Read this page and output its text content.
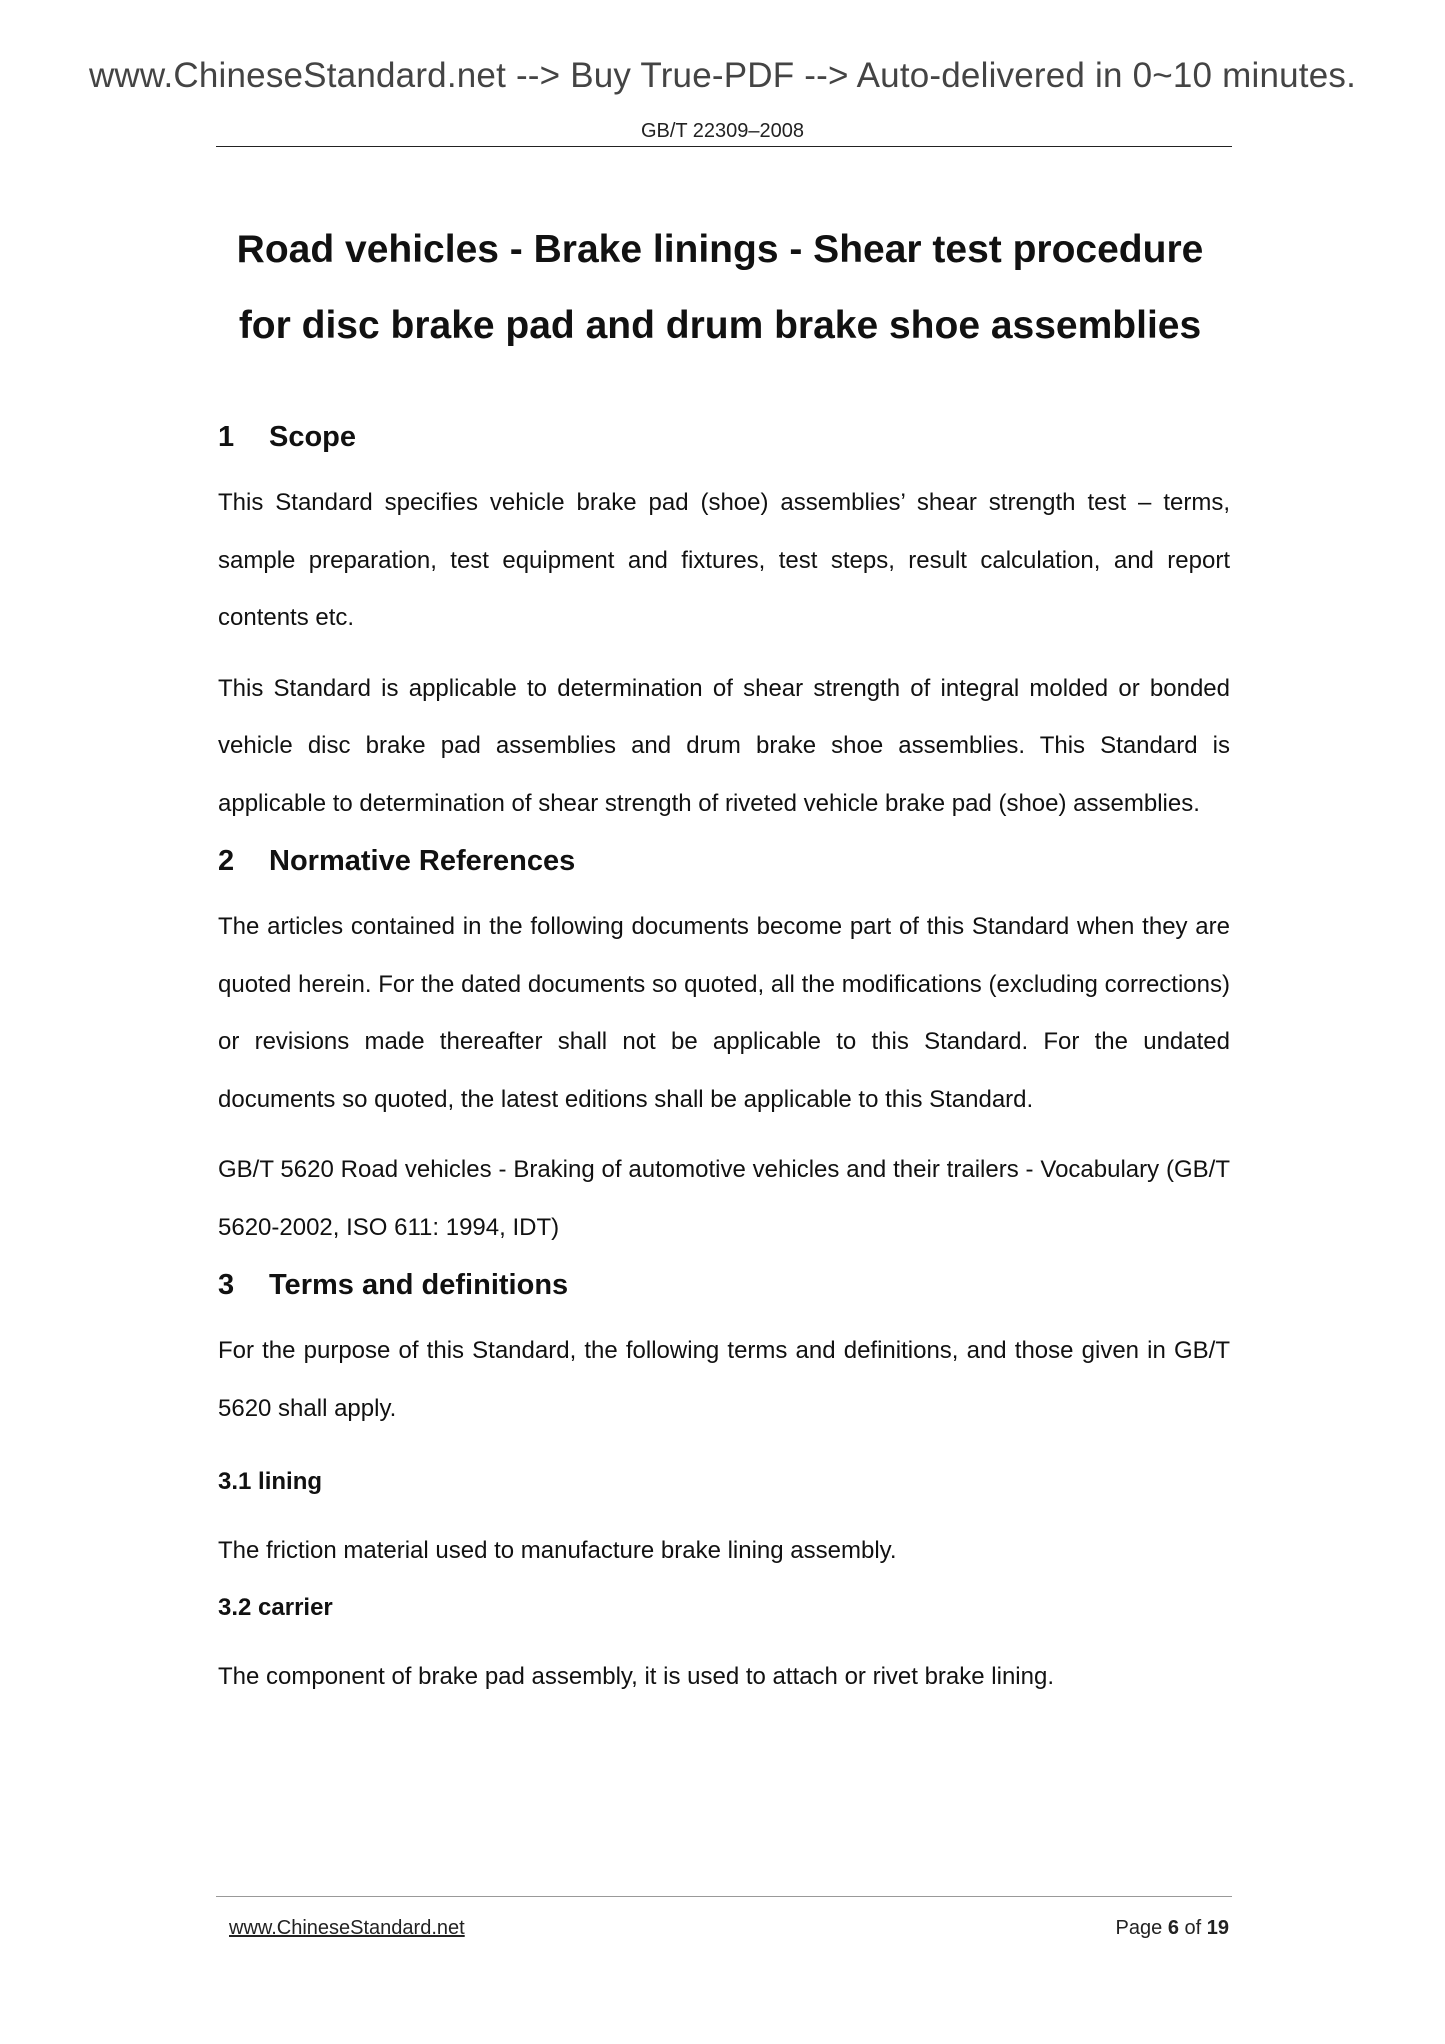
www.ChineseStandard.net --> Buy True-PDF --> Auto-delivered in 0~10 minutes.
GB/T 22309–2008
Road vehicles - Brake linings - Shear test procedure
for disc brake pad and drum brake shoe assemblies
1	Scope

This Standard specifies vehicle brake pad (shoe) assemblies’ shear strength test – terms, sample preparation, test equipment and fixtures, test steps, result calculation, and report contents etc.

This Standard is applicable to determination of shear strength of integral molded or bonded vehicle disc brake pad assemblies and drum brake shoe assemblies. This Standard is applicable to determination of shear strength of riveted vehicle brake pad (shoe) assemblies.

2	Normative References

The articles contained in the following documents become part of this Standard when they are quoted herein. For the dated documents so quoted, all the modifications (excluding corrections) or revisions made thereafter shall not be applicable to this Standard. For the undated documents so quoted, the latest editions shall be applicable to this Standard.

GB/T 5620 Road vehicles - Braking of automotive vehicles and their trailers - Vocabulary (GB/T 5620-2002, ISO 611: 1994, IDT)

3	Terms and definitions

For the purpose of this Standard, the following terms and definitions, and those given in GB/T 5620 shall apply.

3.1 lining

The friction material used to manufacture brake lining assembly.

3.2 carrier

The component of brake pad assembly, it is used to attach or rivet brake lining.

www.ChineseStandard.net	Page 6 of 19
